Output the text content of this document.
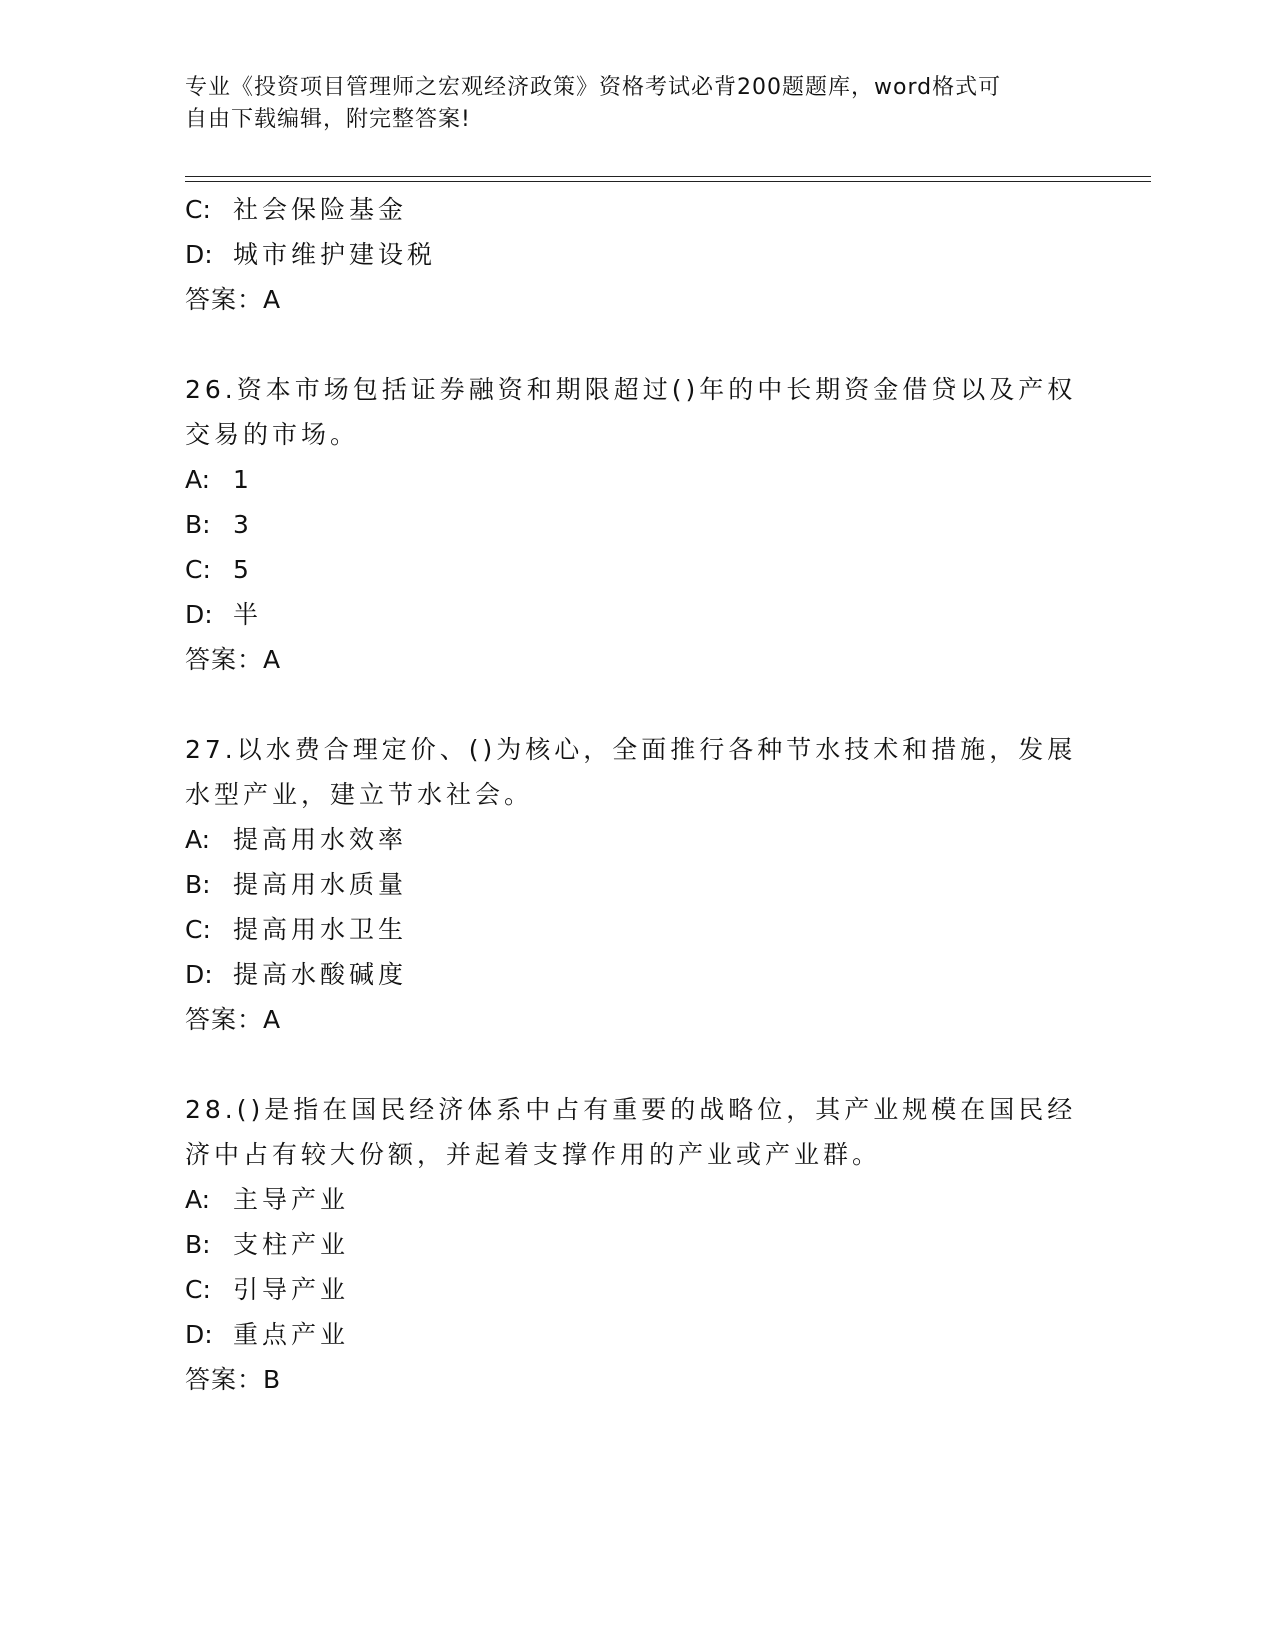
专业《投资项目管理师之宏观经济政策》资格考试必背200题题库，word格式可
自由下载编辑，附完整答案!
C: 社会保险基金
D: 城市维护建设税
答案：A
26.资本市场包括证券融资和期限超过()年的中长期资金借贷以及产权
交易的市场。
A: 1
B: 3
C: 5
D: 半
答案：A
27.以水费合理定价、()为核心，全面推行各种节水技术和措施，发展
水型产业，建立节水社会。
A: 提高用水效率
B: 提高用水质量
C: 提高用水卫生
D: 提高水酸碱度
答案：A
28.()是指在国民经济体系中占有重要的战略位，其产业规模在国民经
济中占有较大份额，并起着支撑作用的产业或产业群。
A: 主导产业
B: 支柱产业
C: 引导产业
D: 重点产业
答案：B
